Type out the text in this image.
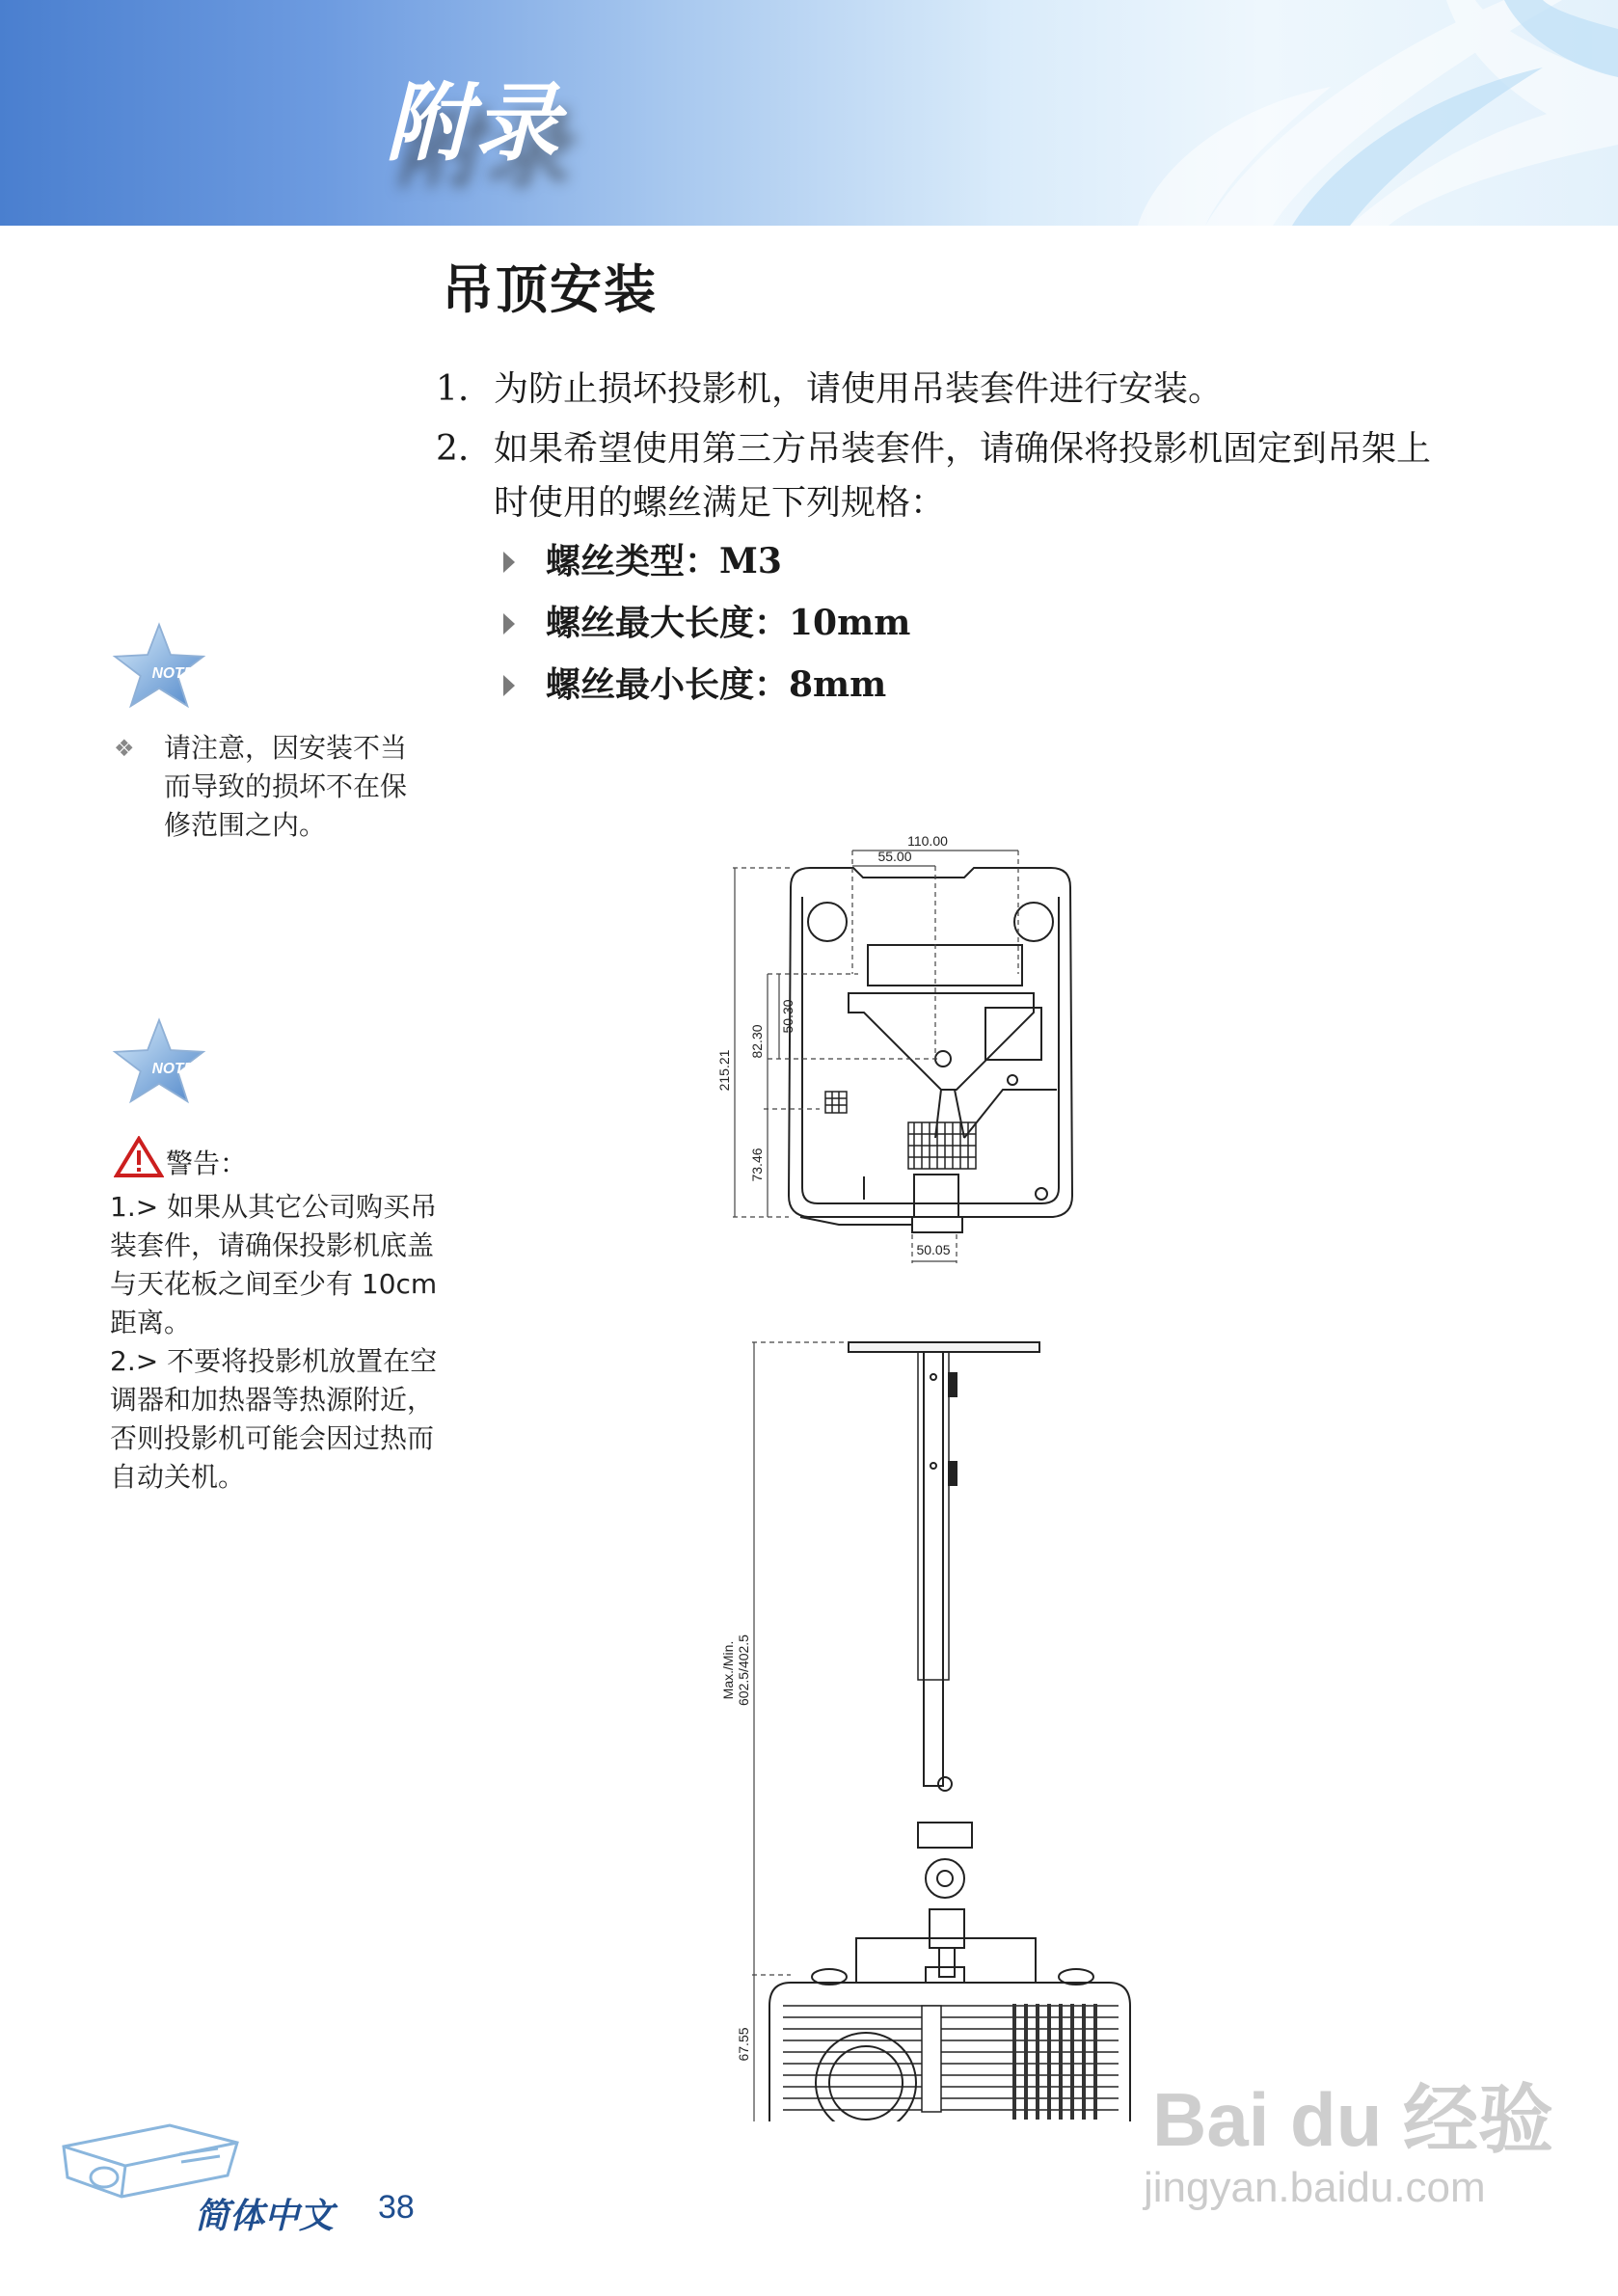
附录
吊顶安装
1. 为防止损坏投影机，请使用吊装套件进行安装。
2. 如果希望使用第三方吊装套件，请确保将投影机固定到吊架上时使用的螺丝满足下列规格：
螺丝类型：M3
螺丝最大长度：10mm
螺丝最小长度：8mm
NOTE
❖ 请注意，因安装不当而导致的损坏不在保修范围之内。
NOTE
警告：
1.> 如果从其它公司购买吊装套件，请确保投影机底盖与天花板之间至少有 10cm 距离。
2.> 不要将投影机放置在空调器和加热器等热源附近，否则投影机可能会因过热而自动关机。
110.00
55.00
215.21
82.30
50.30
73.46
50.05
Max./Min. 602.5/402.5
67.55
简体中文 38
Bai du 经验
jingyan.baidu.com
